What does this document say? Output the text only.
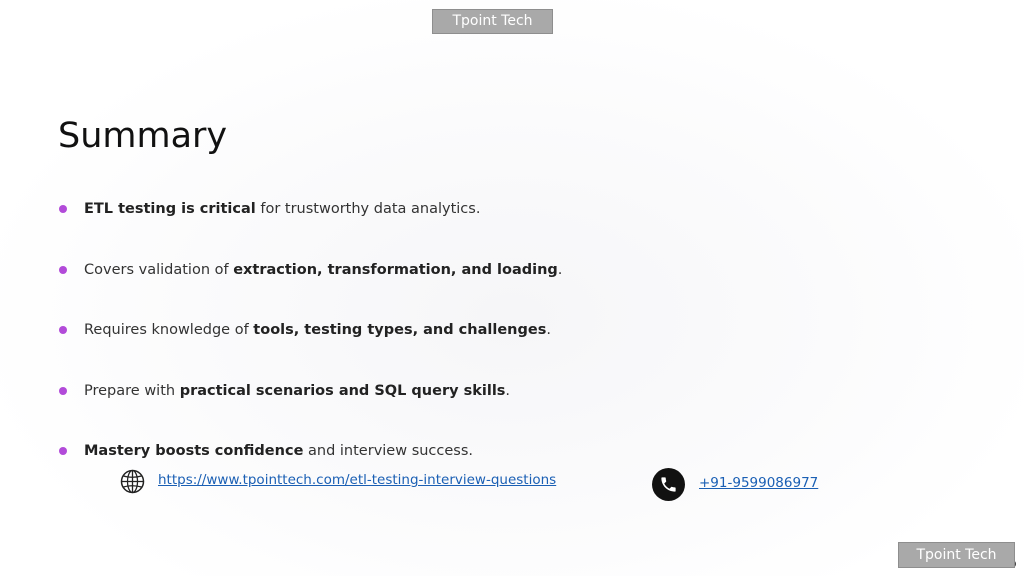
Tpoint Tech
Summary
ETL testing is critical for trustworthy data analytics.
Covers validation of extraction, transformation, and loading.
Requires knowledge of tools, testing types, and challenges.
Prepare with practical scenarios and SQL query skills.
Mastery boosts confidence and interview success.
https://www.tpointtech.com/etl-testing-interview-questions	+91-9599086977
Tpoint Tech
